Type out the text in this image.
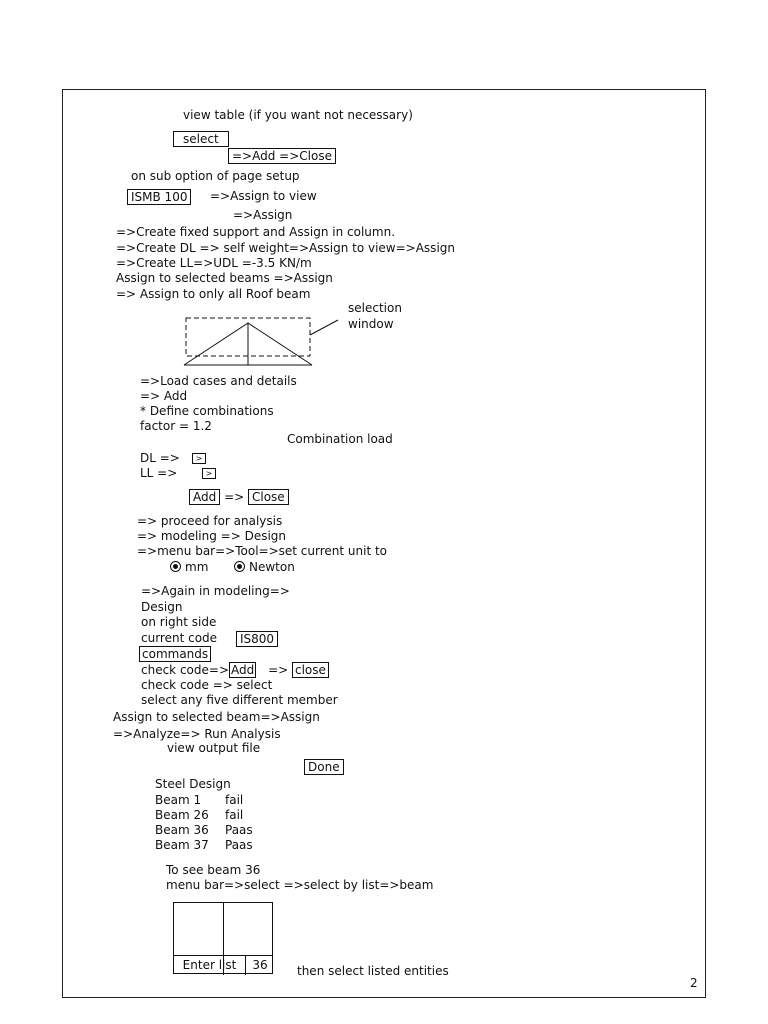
view table (if you want not necessary)
select
=>Add =>Close
on sub option of page setup
ISMB 100	=>Assign to view
=>Assign
=>Create fixed support and Assign in column.
=>Create DL => self weight=>Assign to view=>Assign
=>Create LL=>UDL =-3.5 KN/m
Assign to selected beams =>Assign
=> Assign to only all Roof beam
selection
window
=>Load cases and details
=> Add
* Define combinations
factor = 1.2
Combination load
DL =>	>
LL =>	>
Add => Close
=> proceed for analysis
=> modeling => Design
=>menu bar=>Tool=>set current unit to
mm	Newton
=>Again in modeling=>
Design
on right side
current code	IS800
commands
check code=> Add => close
check code => select
select any five different member
Assign to selected beam=>Assign
=>Analyze=> Run Analysis
view output file
Done
Steel Design
Beam 1 fail
Beam 26 fail
Beam 36 Paas
Beam 37 Paas
To see beam 36
menu bar=>select =>select by list=>beam
Enter list	36	then select listed entities
2
